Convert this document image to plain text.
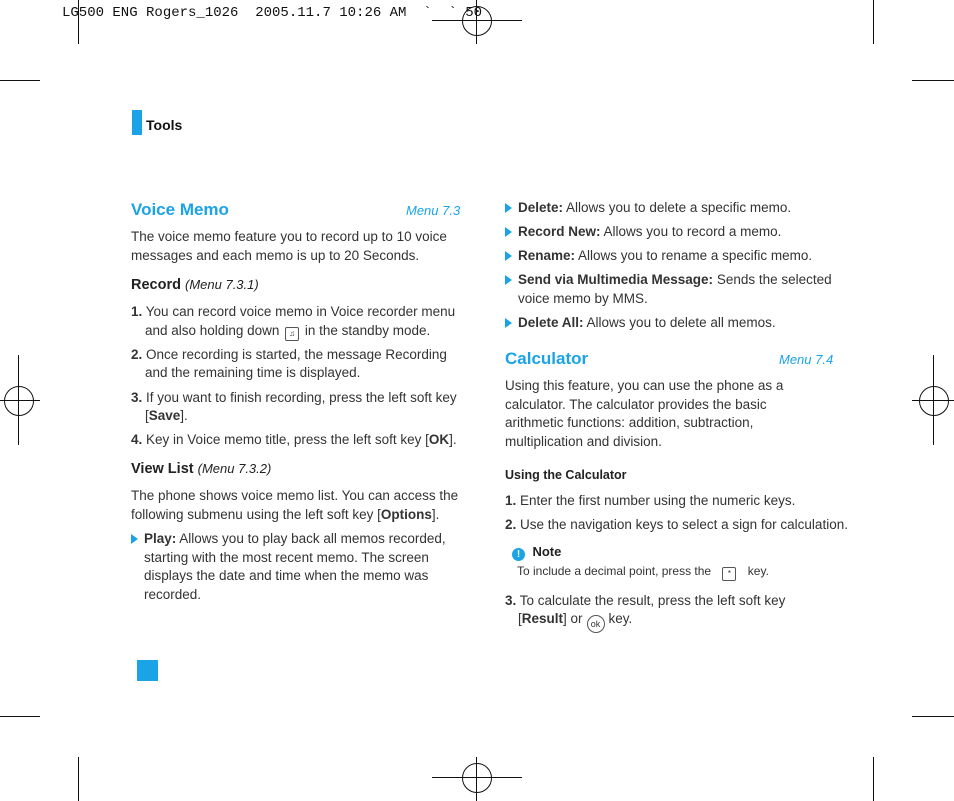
LG500 ENG Rogers_1026  2005.11.7 10:26 AM  `  ` 50
Tools
Voice Memo	Menu 7.3
The voice memo feature you to record up to 10 voice
messages and each memo is up to 20 Seconds.
Record (Menu 7.3.1)
1. You can record voice memo in Voice recorder menu
and also holding down ♫ in the standby mode.
2. Once recording is started, the message Recording
and the remaining time is displayed.
3. If you want to finish recording, press the left soft key
[Save].
4. Key in Voice memo title, press the left soft key [OK].
View List (Menu 7.3.2)
The phone shows voice memo list. You can access the
following submenu using the left soft key [Options].
Play: Allows you to play back all memos recorded,
starting with the most recent memo. The screen
displays the date and time when the memo was
recorded.
Delete: Allows you to delete a specific memo.
Record New: Allows you to record a memo.
Rename: Allows you to rename a specific memo.
Send via Multimedia Message: Sends the selected
voice memo by MMS.
Delete All: Allows you to delete all memos.
Calculator	Menu 7.4
Using this feature, you can use the phone as a
calculator. The calculator provides the basic
arithmetic functions: addition, subtraction,
multiplication and division.
Using the Calculator
1. Enter the first number using the numeric keys.
2. Use the navigation keys to select a sign for calculation.
! Note
To include a decimal point, press the * key.
3. To calculate the result, press the left soft key
[Result] or ok key.
